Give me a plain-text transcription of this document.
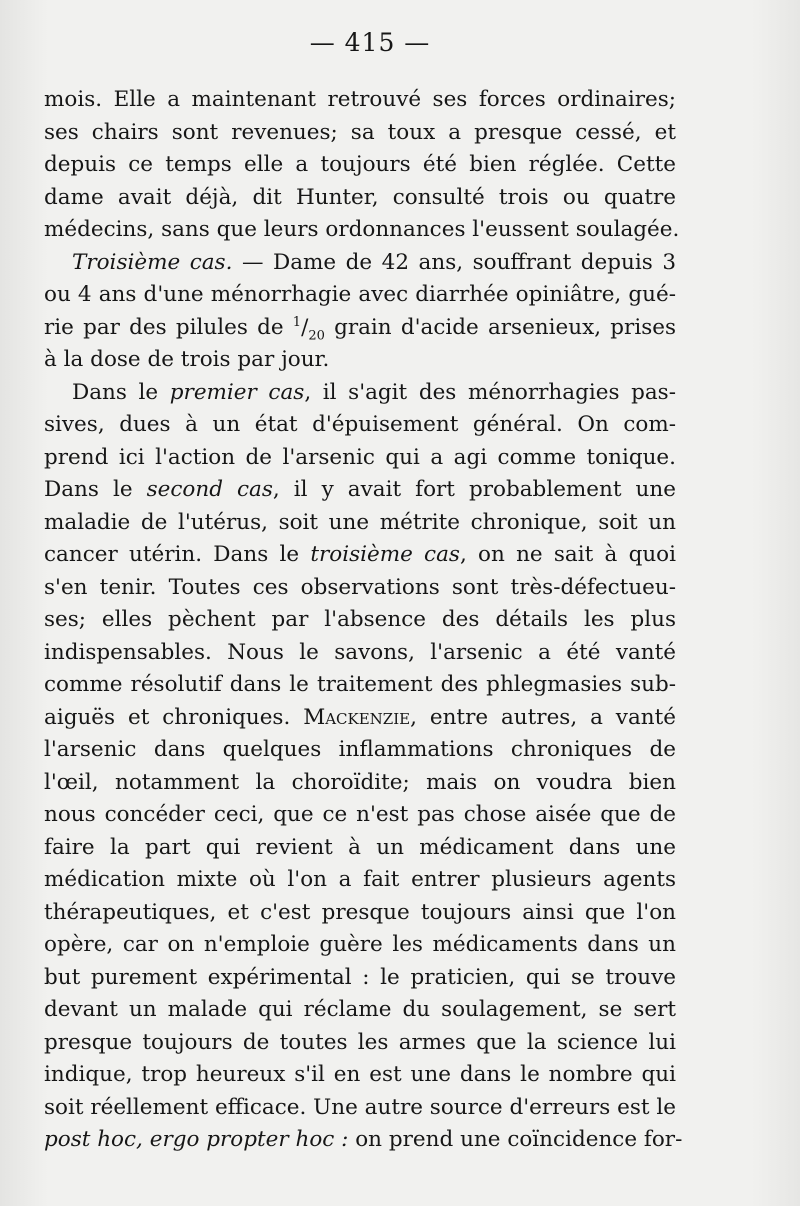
— 415 —
mois. Elle a maintenant retrouvé ses forces ordinaires;
ses chairs sont revenues; sa toux a presque cessé, et
depuis ce temps elle a toujours été bien réglée. Cette
dame avait déjà, dit Hunter, consulté trois ou quatre
médecins, sans que leurs ordonnances l'eussent soulagée.
Troisième cas. — Dame de 42 ans, souffrant depuis 3
ou 4 ans d'une ménorrhagie avec diarrhée opiniâtre, gué-
rie par des pilules de $^1/_{20}$ grain d'acide arsenieux, prises
à la dose de trois par jour.
Dans le premier cas, il s'agit des ménorrhagies pas-
sives, dues à un état d'épuisement général. On com-
prend ici l'action de l'arsenic qui a agi comme tonique.
Dans le second cas, il y avait fort probablement une
maladie de l'utérus, soit une métrite chronique, soit un
cancer utérin. Dans le troisième cas, on ne sait à quoi
s'en tenir. Toutes ces observations sont très-défectueu-
ses; elles pèchent par l'absence des détails les plus
indispensables. Nous le savons, l'arsenic a été vanté
comme résolutif dans le traitement des phlegmasies sub-
aiguës et chroniques. Mackenzie, entre autres, a vanté
l'arsenic dans quelques inflammations chroniques de
l'œil, notamment la choroïdite; mais on voudra bien
nous concéder ceci, que ce n'est pas chose aisée que de
faire la part qui revient à un médicament dans une
médication mixte où l'on a fait entrer plusieurs agents
thérapeutiques, et c'est presque toujours ainsi que l'on
opère, car on n'emploie guère les médicaments dans un
but purement expérimental : le praticien, qui se trouve
devant un malade qui réclame du soulagement, se sert
presque toujours de toutes les armes que la science lui
indique, trop heureux s'il en est une dans le nombre qui
soit réellement efficace. Une autre source d'erreurs est le
post hoc, ergo propter hoc : on prend une coïncidence for-
